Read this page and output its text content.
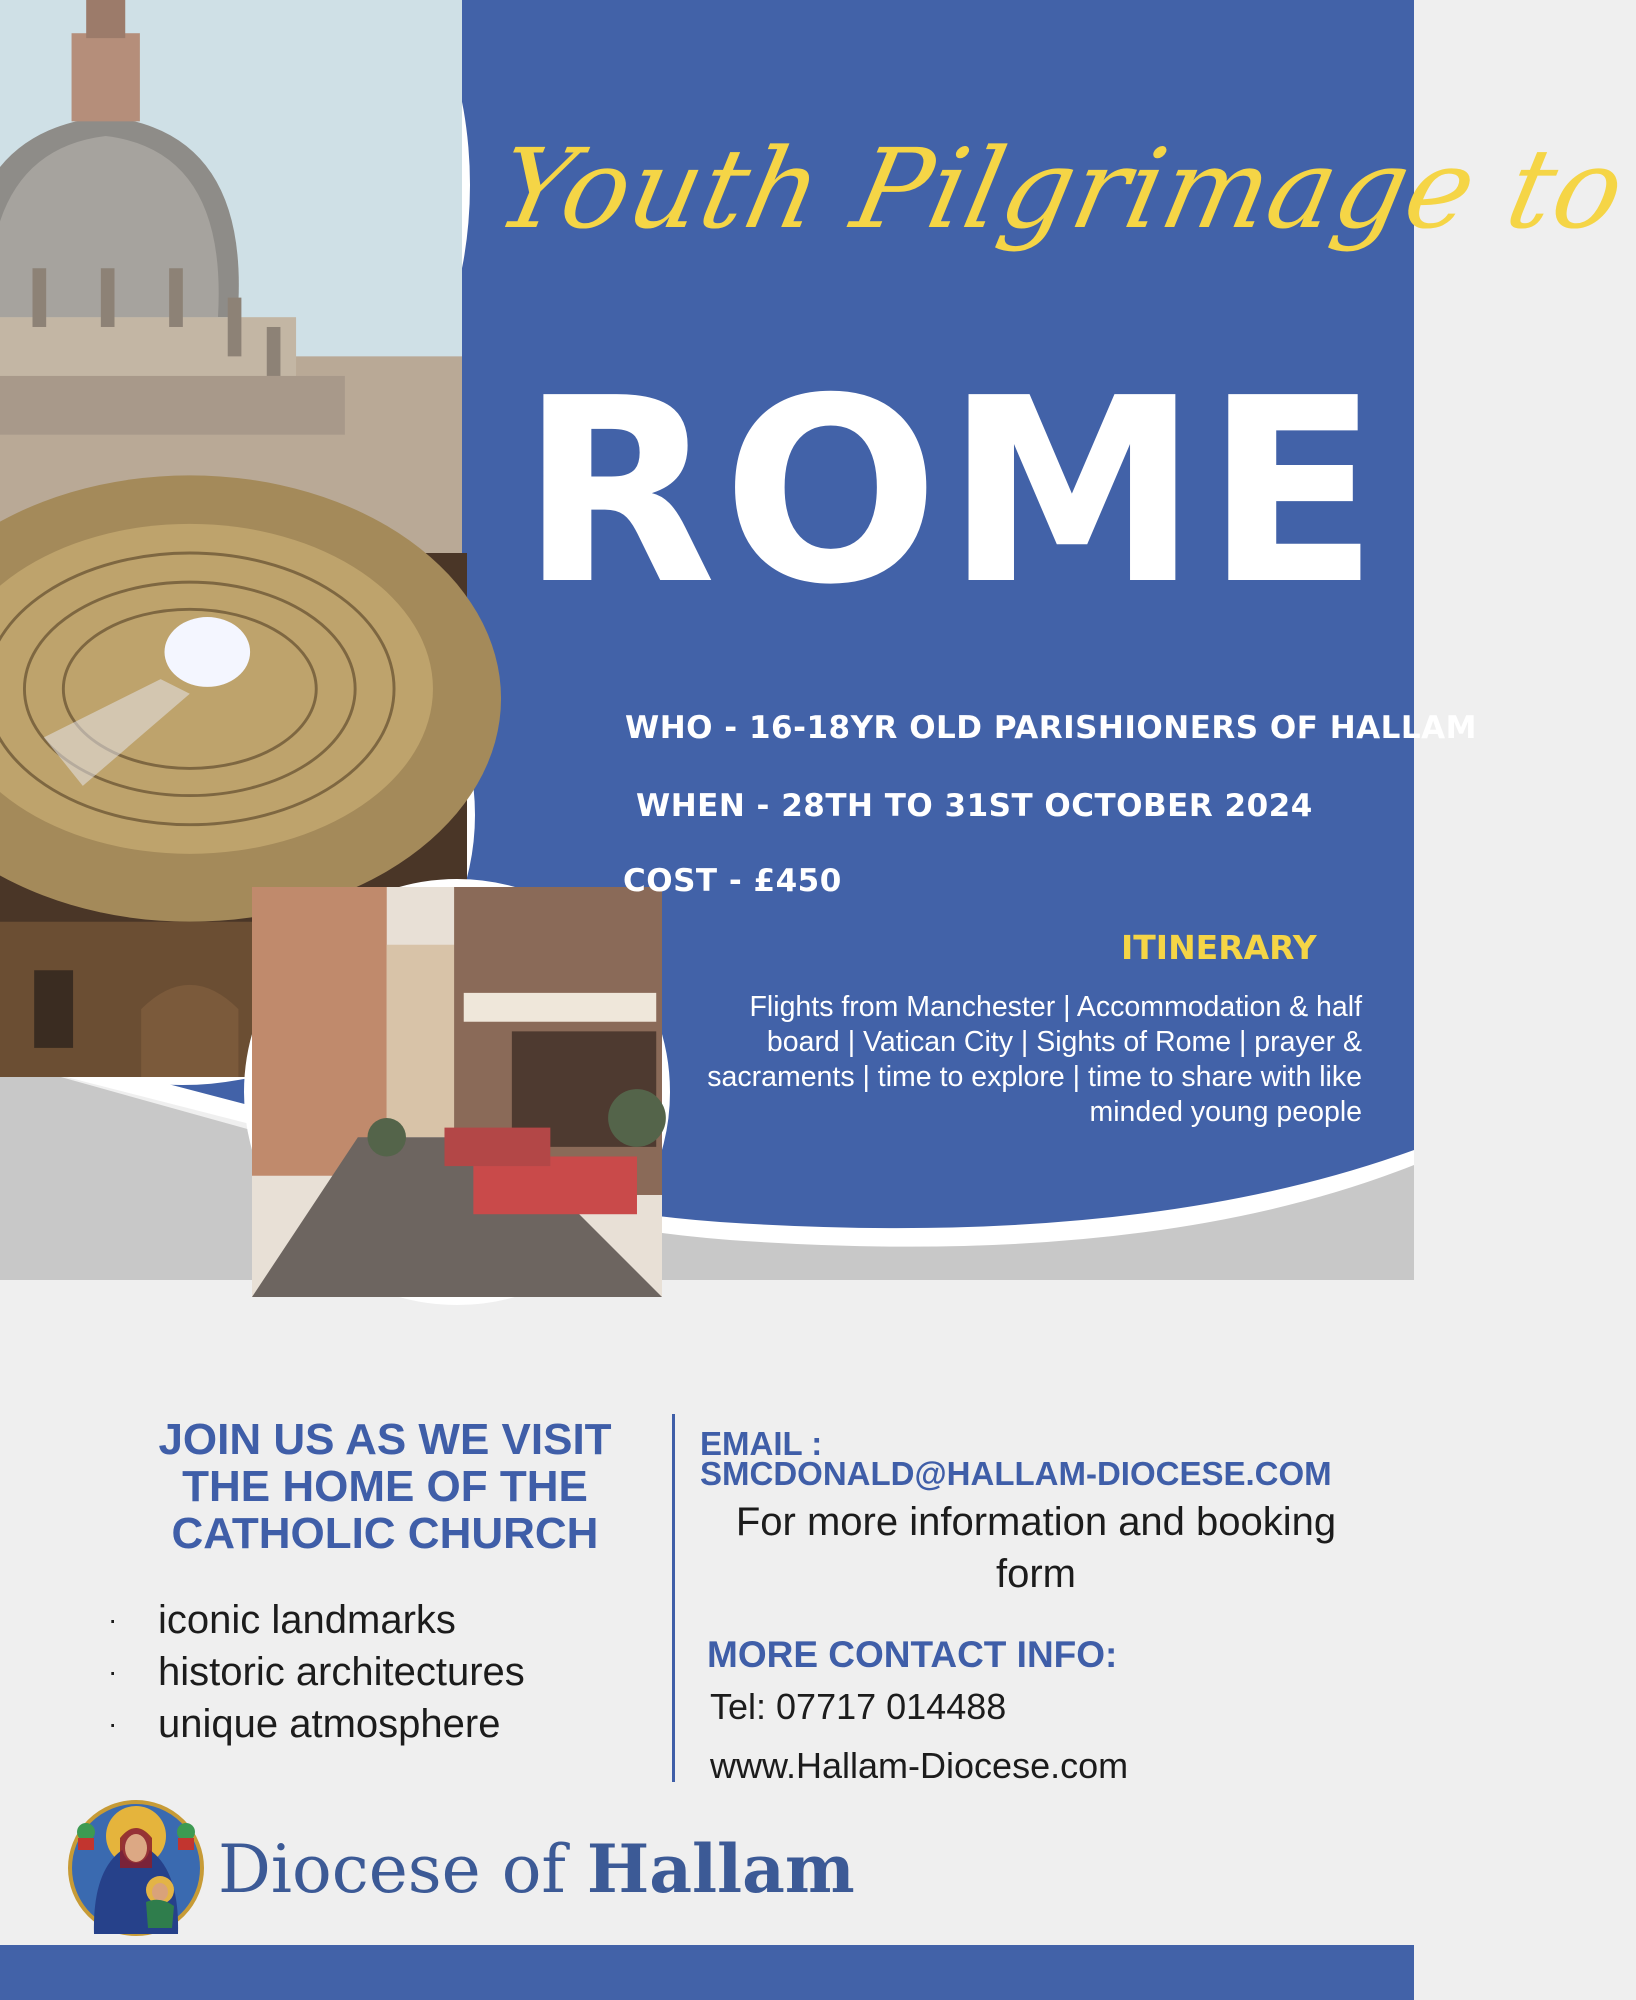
Youth Pilgrimage to
ROME
WHO - 16-18YR OLD PARISHIONERS OF HALLAM
WHEN - 28TH TO 31ST OCTOBER 2024
COST - £450
ITINERARY
Flights from Manchester | Accommodation & half board | Vatican City | Sights of Rome | prayer & sacraments | time to explore | time to share with like minded young people
JOIN US AS WE VISIT THE HOME OF THE CATHOLIC CHURCH
· iconic landmarks
· historic architectures
· unique atmosphere
EMAIL :
SMCDONALD@HALLAM-DIOCESE.COM
For more information and booking form
MORE CONTACT INFO:
Tel: 07717 014488
www.Hallam-Diocese.com
Diocese of Hallam
